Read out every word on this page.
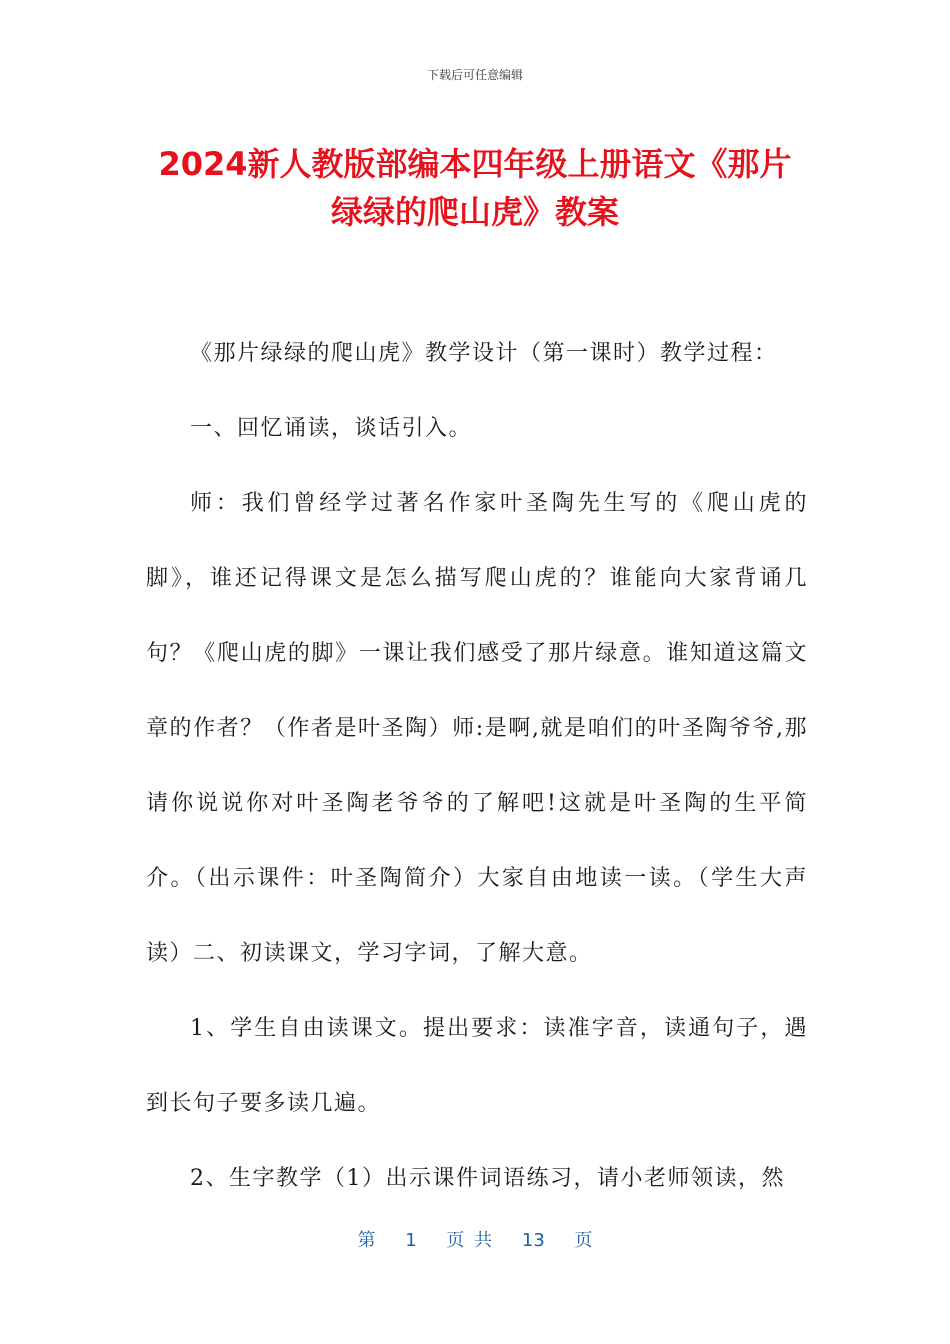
下载后可任意编辑
2024新人教版部编本四年级上册语文《那片
绿绿的爬山虎》教案

《那片绿绿的爬山虎》教学设计（第一课时）教学过程：

一、回忆诵读，谈话引入。

师：我们曾经学过著名作家叶圣陶先生写的《爬山虎的脚》，谁还记得课文是怎么描写爬山虎的？谁能向大家背诵几句？《爬山虎的脚》一课让我们感受了那片绿意。谁知道这篇文章的作者？（作者是叶圣陶）师:是啊,就是咱们的叶圣陶爷爷,那请你说说你对叶圣陶老爷爷的了解吧!这就是叶圣陶的生平简介。（出示课件：叶圣陶简介）大家自由地读一读。（学生大声读）二、初读课文，学习字词，了解大意。

1、学生自由读课文。提出要求：读准字音，读通句子，遇到长句子要多读几遍。

2、生字教学（1）出示课件词语练习，请小老师领读，然

第 1 页 共 13 页
